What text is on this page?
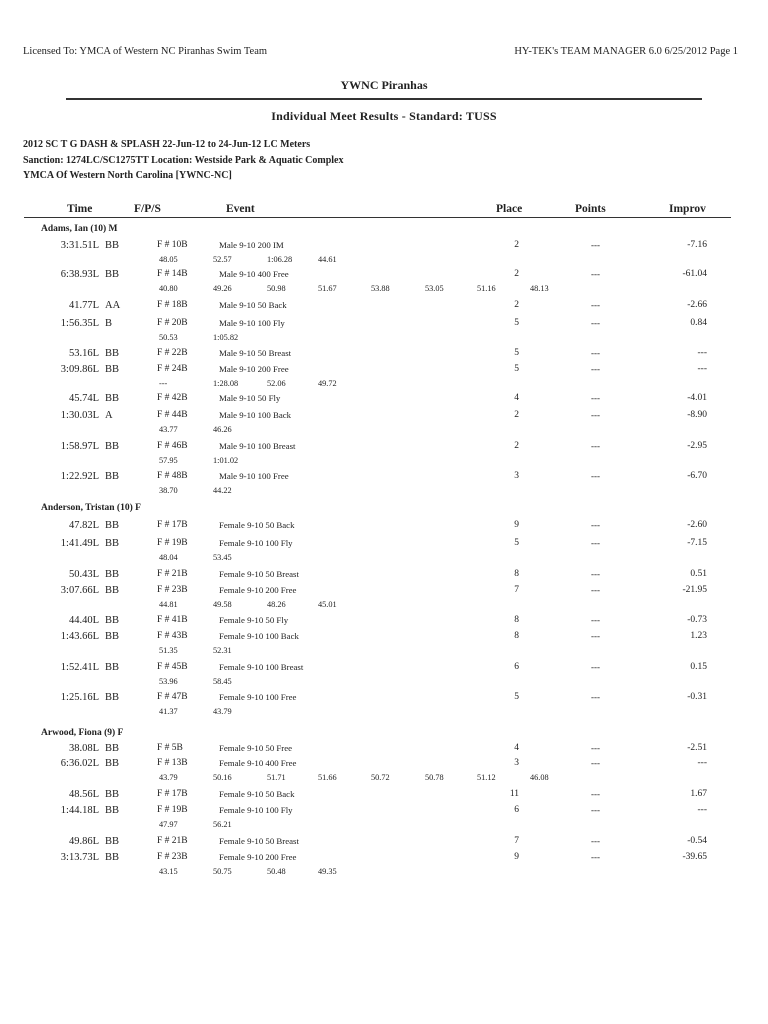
Licensed To: YMCA of Western NC Piranhas Swim Team	HY-TEK's TEAM MANAGER 6.0 6/25/2012 Page 1
YWNC Piranhas
Individual Meet Results - Standard: TUSS
2012 SC T G DASH & SPLASH 22-Jun-12 to 24-Jun-12 LC Meters
Sanction: 1274LC/SC1275TT Location: Westside Park & Aquatic Complex
YMCA Of Western North Carolina [YWNC-NC]
Time	F/P/S	Event	Place	Points	Improv
Adams, Ian (10) M
3:31.51L BB	F # 10B	Male 9-10 200 IM	2	---	-7.16
48.05	52.57	1:06.28	44.61
6:38.93L BB	F # 14B	Male 9-10 400 Free	2	---	-61.04
40.80	49.26	50.98	51.67	53.88	53.05	51.16	48.13
41.77L AA	F # 18B	Male 9-10 50 Back	2	---	-2.66
1:56.35L B	F # 20B	Male 9-10 100 Fly	5	---	0.84
50.53	1:05.82
53.16L BB	F # 22B	Male 9-10 50 Breast	5	---	---
3:09.86L BB	F # 24B	Male 9-10 200 Free	5	---	---
---	1:28.08	52.06	49.72
45.74L BB	F # 42B	Male 9-10 50 Fly	4	---	-4.01
1:30.03L A	F # 44B	Male 9-10 100 Back	2	---	-8.90
43.77	46.26
1:58.97L BB	F # 46B	Male 9-10 100 Breast	2	---	-2.95
57.95	1:01.02
1:22.92L BB	F # 48B	Male 9-10 100 Free	3	---	-6.70
38.70	44.22
Anderson, Tristan (10) F
47.82L BB	F # 17B	Female 9-10 50 Back	9	---	-2.60
1:41.49L BB	F # 19B	Female 9-10 100 Fly	5	---	-7.15
48.04	53.45
50.43L BB	F # 21B	Female 9-10 50 Breast	8	---	0.51
3:07.66L BB	F # 23B	Female 9-10 200 Free	7	---	-21.95
44.81	49.58	48.26	45.01
44.40L BB	F # 41B	Female 9-10 50 Fly	8	---	-0.73
1:43.66L BB	F # 43B	Female 9-10 100 Back	8	---	1.23
51.35	52.31
1:52.41L BB	F # 45B	Female 9-10 100 Breast	6	---	0.15
53.96	58.45
1:25.16L BB	F # 47B	Female 9-10 100 Free	5	---	-0.31
41.37	43.79
Arwood, Fiona (9) F
38.08L BB	F # 5B	Female 9-10 50 Free	4	---	-2.51
6:36.02L BB	F # 13B	Female 9-10 400 Free	3	---	---
43.79	50.16	51.71	51.66	50.72	50.78	51.12	46.08
48.56L BB	F # 17B	Female 9-10 50 Back	11	---	1.67
1:44.18L BB	F # 19B	Female 9-10 100 Fly	6	---	---
47.97	56.21
49.86L BB	F # 21B	Female 9-10 50 Breast	7	---	-0.54
3:13.73L BB	F # 23B	Female 9-10 200 Free	9	---	-39.65
43.15	50.75	50.48	49.35
